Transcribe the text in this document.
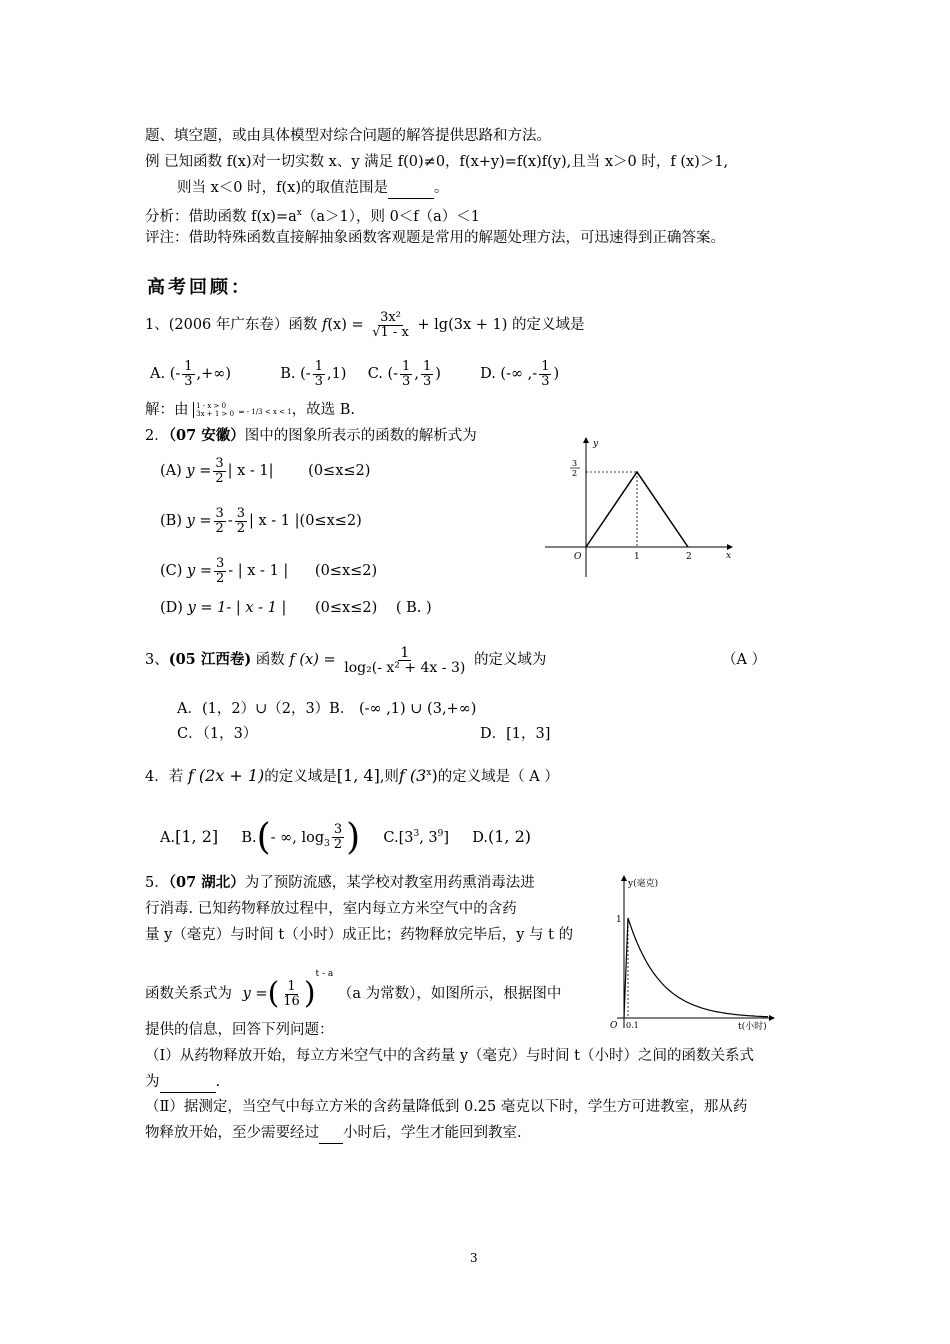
题、填空题，或由具体模型对综合问题的解答提供思路和方法。
例 已知函数 f(x)对一切实数 x、y 满足 f(0)≠0，f(x+y)=f(x)f(y),且当 x＞0 时，f (x)＞1,
则当 x＜0 时，f(x)的取值范围是	。
分析：借助函数 $f(x)=a^x(a>1)$，则 0＜f（a）＜1
评注：借助特殊函数直接解抽象函数客观题是常用的解题处理方法，可迅速得到正确答案。
高考回顾：
1、(2006 年广东卷）函数 $f(x) = \frac{\text{3x²}}{√1 - x} + \lg(3x + 1)$ 的定义域是
A. (- $\frac{1}{3}$ ,+∞)	B. (- $\frac{1}{3} ,1$) C. (- $\frac{1}{3}$ , $\frac{1}{3}$ )	D. (-∞ ,- $\frac{1}{3}$ )
解：由 1 - x > 0
3x + 1 > 0 ⇒ - 1/3 < x < 1，故选 B.
2．（07 安徽）图中的图象所表示的函数的解析式为
(A) $y = \frac{3}{2}$ | x - 1| (0≤x≤2)
(B) $y = \frac{3}{2} - \frac{3}{2}$ | x - 1 |(0≤x≤2)
(C) $y = \frac{3}{2}$ - | x - 1 | (0≤x≤2)
(D) y = 1- | x - 1 | (0≤x≤2) ( B. )
y
x
O	1	2
3
2
3、(05 江西卷) 函数 f $(x) = \frac{1}{\text{log₂(- x² + 4x - 3)}}$ 的定义域为	（A ）
A．(1，2）∪（2，3）B． (-∞ ,1) ∪ (3,+∞)
C．（1，3）	D．[1，3]
4．若 f (2x + 1)的定义域是[1, 4],则f (3$^x$)的定义域是（ A ）
A.[1, 2] B.(- ∞, $\log_3 \frac{3}{2}$ ) $C.[3^3$, $3^9$] D.(1, 2)
5．（07 湖北）为了预防流感，某学校对教室用药熏消毒法进
行消毒. 已知药物释放过程中，室内每立方米空气中的含药
量 y（毫克）与时间 t（小时）成正比；药物释放完毕后，y 与 t 的
函数关系式为 y =( $\frac{1}{16} )^{t - a}$ （a 为常数），如图所示，根据图中
提供的信息，回答下列问题：
（Ⅰ）从药物释放开始，每立方米空气中的含药量 y（毫克）与时间 t（小时）之间的函数关系式
为	.
（Ⅱ）据测定，当空气中每立方米的含药量降低到 0.25 毫克以下时，学生方可进教室，那从药
物释放开始，至少需要经过 小时后，学生才能回到教室.
y(毫克)
t(小时)
O
1
0.1
3
